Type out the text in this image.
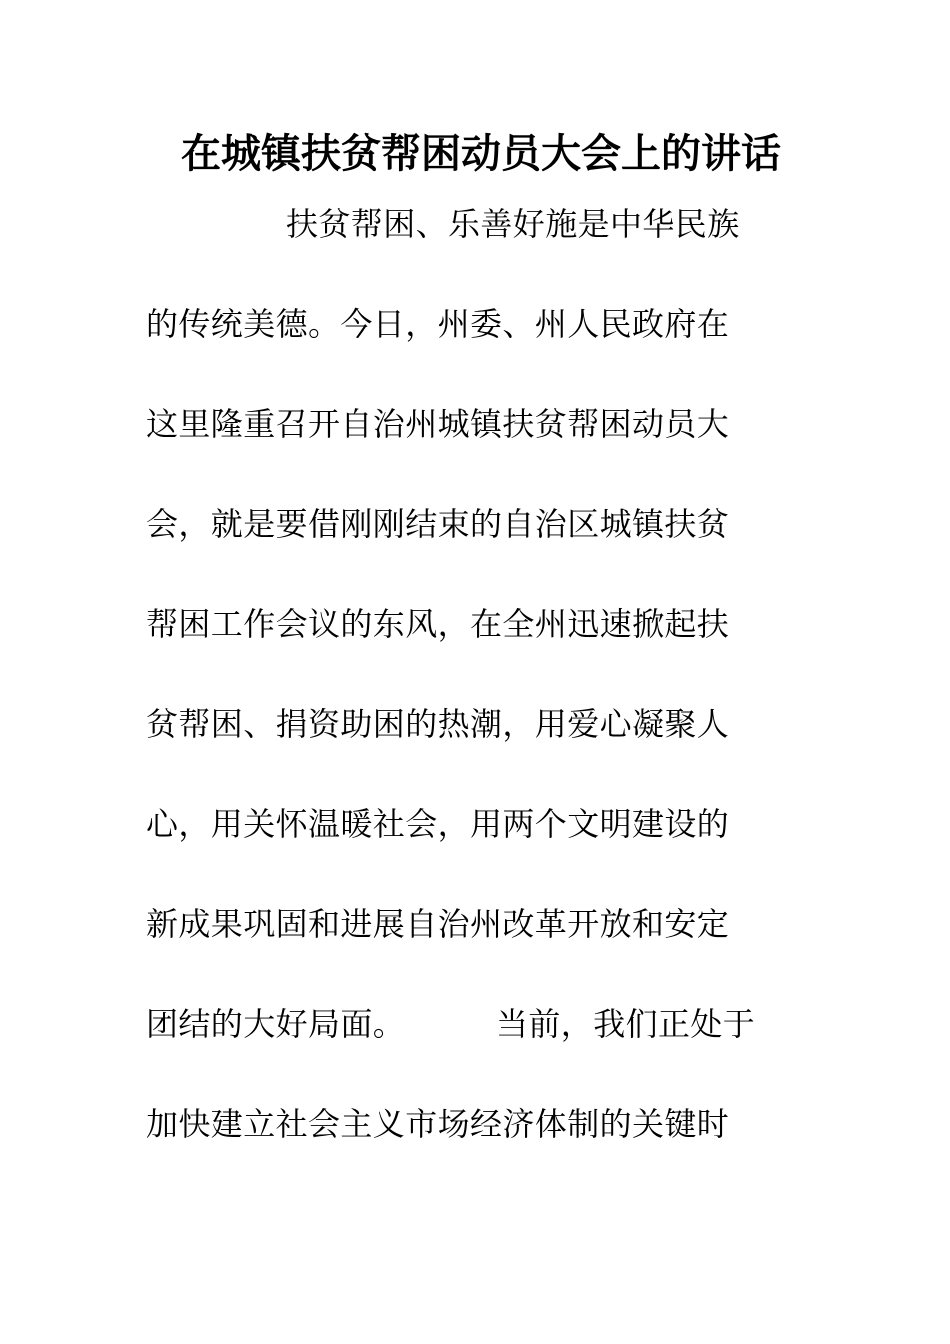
在城镇扶贫帮困动员大会上的讲话
扶贫帮困、乐善好施是中华民族
的传统美德。今日，州委、州人民政府在
这里隆重召开自治州城镇扶贫帮困动员大
会，就是要借刚刚结束的自治区城镇扶贫
帮困工作会议的东风，在全州迅速掀起扶
贫帮困、捐资助困的热潮，用爱心凝聚人
心，用关怀温暖社会，用两个文明建设的
新成果巩固和进展自治州改革开放和安定
团结的大好局面。	当前，我们正处于
加快建立社会主义市场经济体制的关键时
